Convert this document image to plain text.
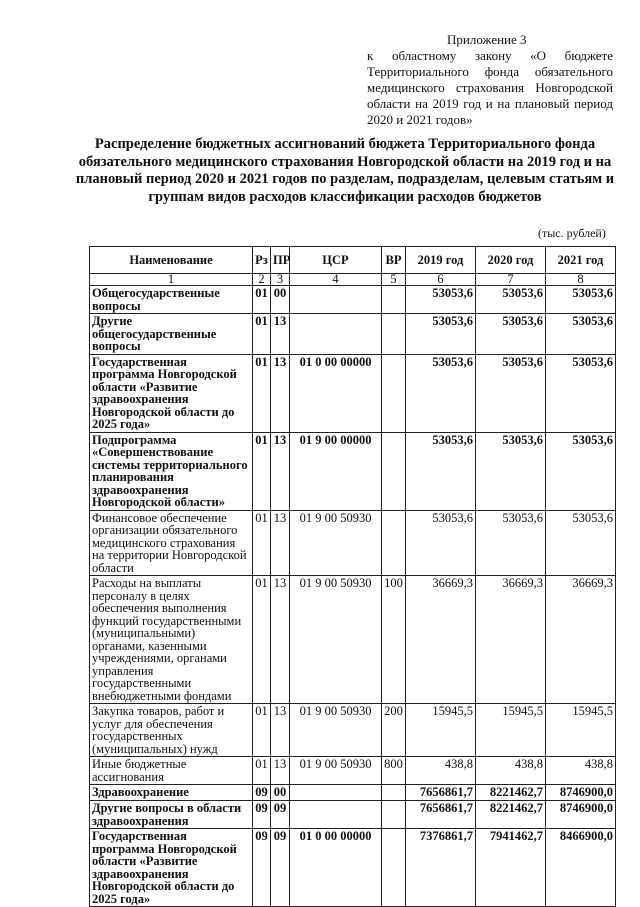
Приложение 3
к областному закону «О бюджете Территориального фонда обязательного медицинского страхования Новгородской области на 2019 год и на плановый период 2020 и 2021 годов»
Распределение бюджетных ассигнований бюджета Территориального фонда обязательного медицинского страхования Новгородской области на 2019 год и на плановый период 2020 и 2021 годов по разделам, подразделам, целевым статьям и группам видов расходов классификации расходов бюджетов
(тыс. рублей)
Наименование	Рз	ПР	ЦСР	ВР	2019 год	2020 год	2021 год
1	2	3	4	5	6	7	8
Общегосударственные вопросы	01	00			53053,6	53053,6	53053,6
Другие общегосударственные вопросы	01	13			53053,6	53053,6	53053,6
Государственная программа Новгородской области «Развитие здравоохранения Новгородской области до 2025 года»	01	13	01 0 00 00000		53053,6	53053,6	53053,6
Подпрограмма «Совершенствование системы территориального планирования здравоохранения Новгородской области»	01	13	01 9 00 00000		53053,6	53053,6	53053,6
Финансовое обеспечение организации обязательного медицинского страхования на территории Новгородской области	01	13	01 9 00 50930		53053,6	53053,6	53053,6
Расходы на выплаты персоналу в целях обеспечения выполнения функций государственными (муниципальными) органами, казенными учреждениями, органами управления государственными внебюджетными фондами	01	13	01 9 00 50930	100	36669,3	36669,3	36669,3
Закупка товаров, работ и услуг для обеспечения государственных (муниципальных) нужд	01	13	01 9 00 50930	200	15945,5	15945,5	15945,5
Иные бюджетные ассигнования	01	13	01 9 00 50930	800	438,8	438,8	438,8
Здравоохранение	09	00			7656861,7	8221462,7	8746900,0
Другие вопросы в области здравоохранения	09	09			7656861,7	8221462,7	8746900,0
Государственная программа Новгородской области «Развитие здравоохранения Новгородской области до 2025 года»	09	09	01 0 00 00000		7376861,7	7941462,7	8466900,0
